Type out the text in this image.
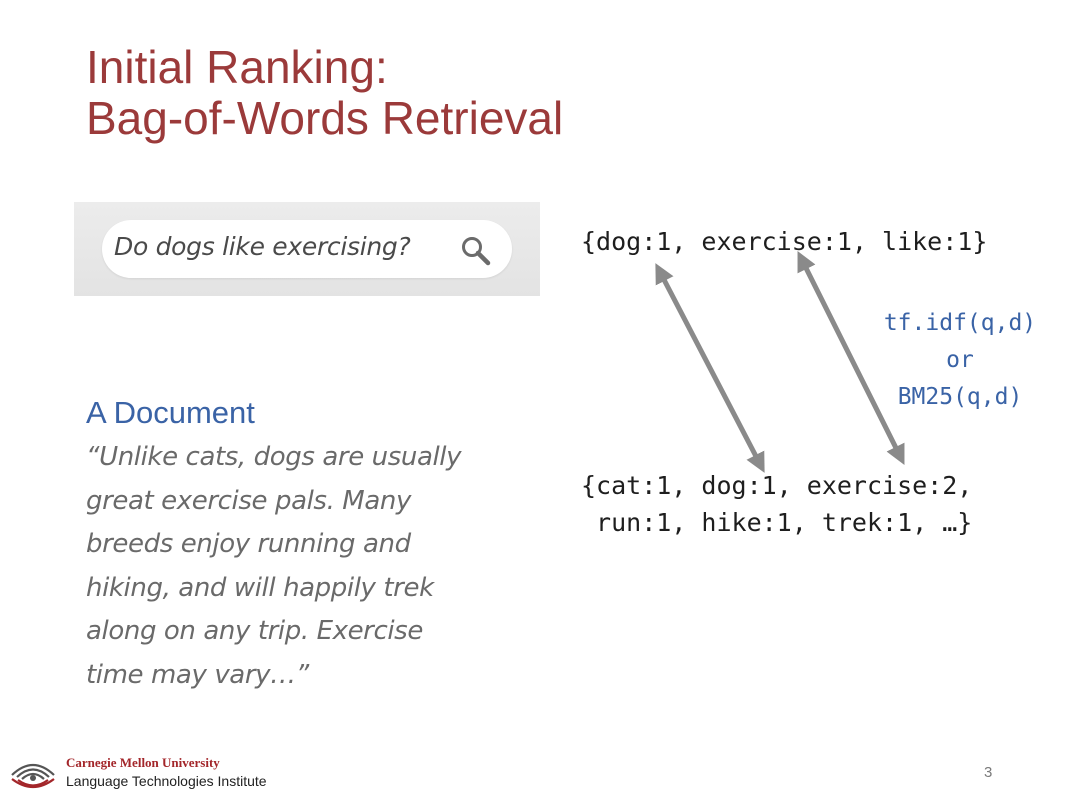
Initial Ranking:
Bag-of-Words Retrieval
Do dogs like exercising?	{dog:1, exercise:1, like:1}
tf.idf(q,d)
or
BM25(q,d)
{cat:1, dog:1, exercise:2,
run:1, hike:1, trek:1, …}
A Document
“Unlike cats, dogs are usually
great exercise pals. Many
breeds enjoy running and
hiking, and will happily trek
along on any trip. Exercise
time may vary…”
Carnegie Mellon University
Language Technologies Institute	3
